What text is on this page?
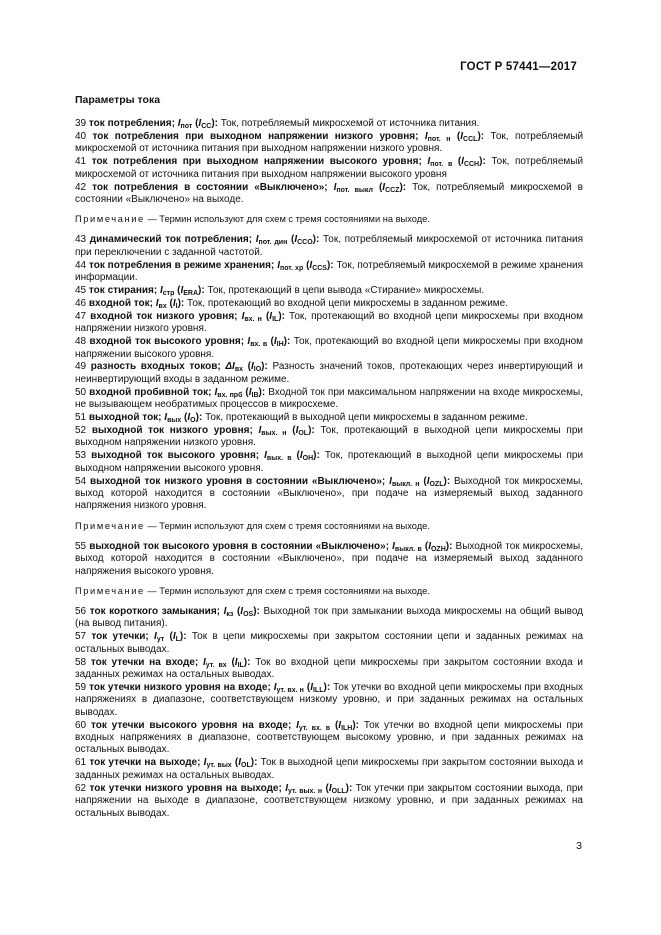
ГОСТ Р 57441—2017
Параметры тока
39 ток потребления; $I_{пот}$ $(I_{CC})$: Ток, потребляемый микросхемой от источника питания.
40 ток потребления при выходном напряжении низкого уровня; $I_{пот. н}$ $(I_{CCL})$: Ток, потребляемый микросхемой от источника питания при выходном напряжении низкого уровня.
41 ток потребления при выходном напряжении высокого уровня; $I_{пот. в}$ $(I_{CCH})$: Ток, потребляемый микросхемой от источника питания при выходном напряжении высокого уровня
42 ток потребления в состоянии «Выключено»; $I_{пот. выкл}$ $(I_{CCZ})$: Ток, потребляемый микросхемой в состоянии «Выключено» на выходе.
Примечание — Термин используют для схем с тремя состояниями на выходе.
43 динамический ток потребления; $I_{пот. дин}$ $(I_{CCO})$: Ток, потребляемый микросхемой от источника питания при переключении с заданной частотой.
44 ток потребления в режиме хранения; $I_{пот. хр}$ $(I_{CCS})$: Ток, потребляемый микросхемой в режиме хранения информации.
45 ток стирания; $I_{стр}$ $(I_{ERA})$: Ток, протекающий в цепи вывода «Стирание» микросхемы.
46 входной ток; $I_{вх}$ $(I_I)$: Ток, протекающий во входной цепи микросхемы в заданном режиме.
47 входной ток низкого уровня; $I_{вх. н}$ $(I_{IL})$: Ток, протекающий во входной цепи микросхемы при входном напряжении низкого уровня.
48 входной ток высокого уровня; $I_{вх. в}$ $(I_{IH})$: Ток, протекающий во входной цепи микросхемы при входном напряжении высокого уровня.
49 разность входных токов; $\Delta I_{вх}$ $(I_{IO})$: Разность значений токов, протекающих через инвертирующий и неинвертирующий входы в заданном режиме.
50 входной пробивной ток; $I_{вх. прб}$ $(I_{IB})$: Входной ток при максимальном напряжении на входе микросхемы, не вызывающем необратимых процессов в микросхеме.
51 выходной ток; $I_{вых}$ $(I_O)$: Ток, протекающий в выходной цепи микросхемы в заданном режиме.
52 выходной ток низкого уровня; $I_{вых. н}$ $(I_{OL})$: Ток, протекающий в выходной цепи микросхемы при выходном напряжении низкого уровня.
53 выходной ток высокого уровня; $I_{вых. в}$ $(I_{OH})$: Ток, протекающий в выходной цепи микросхемы при выходном напряжении высокого уровня.
54 выходной ток низкого уровня в состоянии «Выключено»; $I_{выкл. н}$ $(I_{OZL})$: Выходной ток микросхемы, выход которой находится в состоянии «Выключено», при подаче на измеряемый выход заданного напряжения низкого уровня.
Примечание — Термин используют для схем с тремя состояниями на выходе.
55 выходной ток высокого уровня в состоянии «Выключено»; $I_{выкл. в}$ $(I_{OZH})$: Выходной ток микросхемы, выход которой находится в состоянии «Выключено», при подаче на измеряемый выход заданного напряжения высокого уровня.
Примечание — Термин используют для схем с тремя состояниями на выходе.
56 ток короткого замыкания; $I_{кз}$ $(I_{OS})$: Выходной ток при замыкании выхода микросхемы на общий вывод (на вывод питания).
57 ток утечки; $I_{ут}$ $(I_L)$: Ток в цепи микросхемы при закрытом состоянии цепи и заданных режимах на остальных выводах.
58 ток утечки на входе; $I_{ут. вх}$ $(I_{IL})$: Ток во входной цепи микросхемы при закрытом состоянии входа и заданных режимах на остальных выводах.
59 ток утечки низкого уровня на входе; $I_{ут. вх. н}$ $(I_{ILL})$: Ток утечки во входной цепи микросхемы при входных напряжениях в диапазоне, соответствующем низкому уровню, и при заданных режимах на остальных выводах.
60 ток утечки высокого уровня на входе; $I_{ут. вх. в}$ $(I_{ILH})$: Ток утечки во входной цепи микросхемы при входных напряжениях в диапазоне, соответствующем высокому уровню, и при заданных режимах на остальных выводах.
61 ток утечки на выходе; $I_{ут. вых}$ $(I_{OL})$: Ток в выходной цепи микросхемы при закрытом состоянии выхода и заданных режимах на остальных выводах.
62 ток утечки низкого уровня на выходе; $I_{ут. вых. н}$ $(I_{OLL})$: Ток утечки при закрытом состоянии выхода, при напряжении на выходе в диапазоне, соответствующем низкому уровню, и при заданных режимах на остальных выводах.
3
